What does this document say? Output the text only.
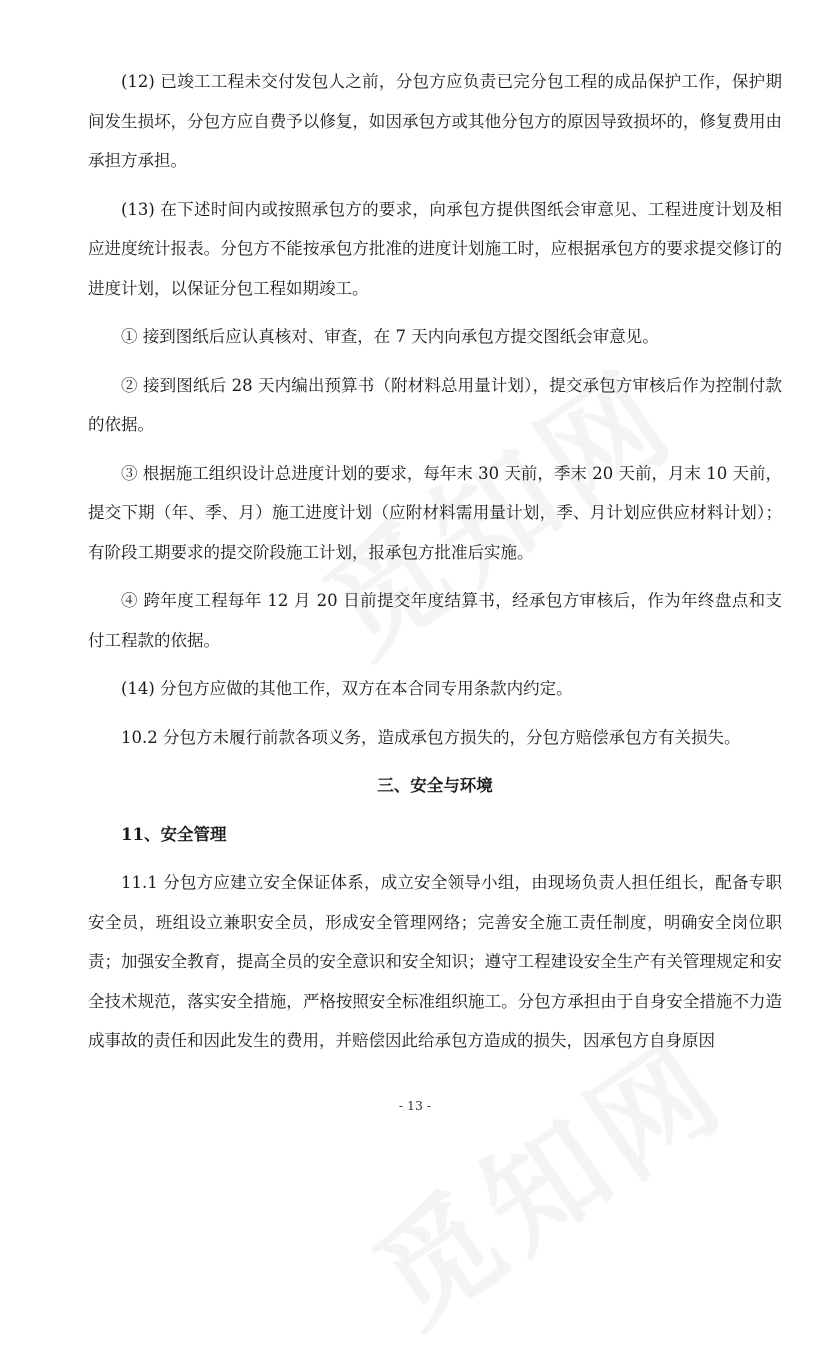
(12) 已竣工工程未交付发包人之前，分包方应负责已完分包工程的成品保护工作，保护期间发生损坏，分包方应自费予以修复，如因承包方或其他分包方的原因导致损坏的，修复费用由承担方承担。

(13) 在下述时间内或按照承包方的要求，向承包方提供图纸会审意见、工程进度计划及相应进度统计报表。分包方不能按承包方批准的进度计划施工时，应根据承包方的要求提交修订的进度计划，以保证分包工程如期竣工。

① 接到图纸后应认真核对、审查，在 7 天内向承包方提交图纸会审意见。

② 接到图纸后 28 天内编出预算书（附材料总用量计划），提交承包方审核后作为控制付款的依据。

③ 根据施工组织设计总进度计划的要求，每年末 30 天前，季末 20 天前，月末 10 天前，提交下期（年、季、月）施工进度计划（应附材料需用量计划，季、月计划应供应材料计划）；有阶段工期要求的提交阶段施工计划，报承包方批准后实施。

④ 跨年度工程每年 12 月 20 日前提交年度结算书，经承包方审核后，作为年终盘点和支付工程款的依据。

(14) 分包方应做的其他工作，双方在本合同专用条款内约定。

10.2 分包方未履行前款各项义务，造成承包方损失的，分包方赔偿承包方有关损失。

三、安全与环境

11、安全管理

11.1 分包方应建立安全保证体系，成立安全领导小组，由现场负责人担任组长，配备专职安全员，班组设立兼职安全员，形成安全管理网络；完善安全施工责任制度，明确安全岗位职责；加强安全教育，提高全员的安全意识和安全知识；遵守工程建设安全生产有关管理规定和安全技术规范，落实安全措施，严格按照安全标准组织施工。分包方承担由于自身安全措施不力造成事故的责任和因此发生的费用，并赔偿因此给承包方造成的损失，因承包方自身原因

- 13 -
